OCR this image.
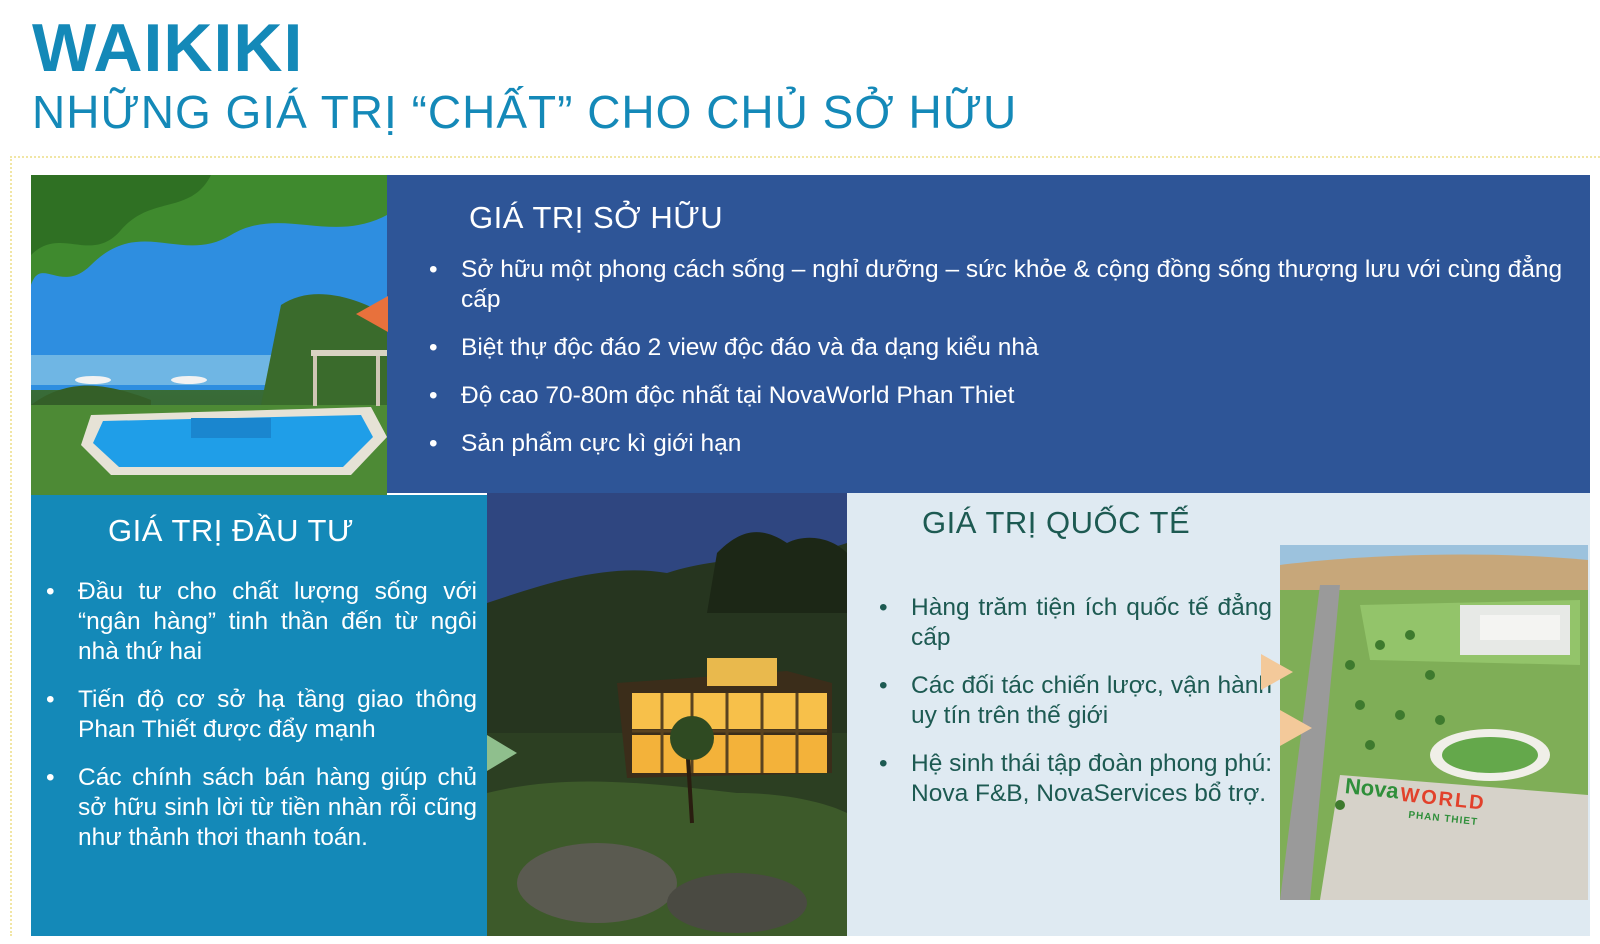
WAIKIKI
NHỮNG GIÁ TRỊ “CHẤT” CHO CHỦ SỞ HỮU
GIÁ TRỊ SỞ HỮU
• Sở hữu một phong cách sống – nghỉ dưỡng – sức khỏe & cộng đồng sống thượng lưu với cùng đẳng cấp
• Biệt thự độc đáo 2 view độc đáo và đa dạng kiểu nhà
• Độ cao 70-80m độc nhất tại NovaWorld Phan Thiet
• Sản phẩm cực kì giới hạn
GIÁ TRỊ ĐẦU TƯ
• Đầu tư cho chất lượng sống với “ngân hàng” tinh thần đến từ ngôi nhà thứ hai
• Tiến độ cơ sở hạ tầng giao thông Phan Thiết được đẩy mạnh
• Các chính sách bán hàng giúp chủ sở hữu sinh lời từ tiền nhàn rỗi cũng như thảnh thơi thanh toán.
GIÁ TRỊ QUỐC TẾ
• Hàng trăm tiện ích quốc tế đẳng cấp
• Các đối tác chiến lược, vận hành uy tín trên thế giới
• Hệ sinh thái tập đoàn phong phú: Nova F&B, NovaServices bổ trợ.	Nova WORLD
PHAN THIET
